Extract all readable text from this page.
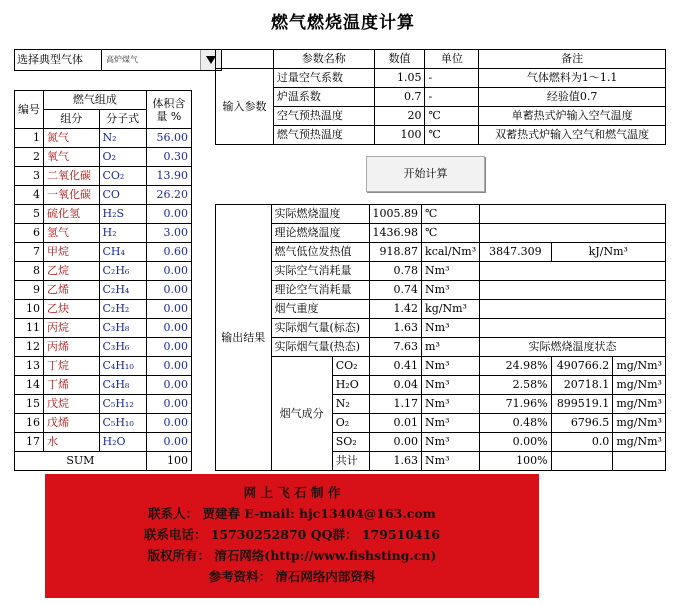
燃气燃烧温度计算
选择典型气体	高炉煤气
编号	燃气组成		体积含量 %
	组分	分子式	
1	氮气	N₂	56.00
2	氧气	O₂	0.30
3	二氧化碳	CO₂	13.90
4	一氧化碳	CO	26.20
5	硫化氢	H₂S	0.00
6	氢气	H₂	3.00
7	甲烷	CH₄	0.60
8	乙烷	C₂H₆	0.00
9	乙烯	C₂H₄	0.00
10	乙炔	C₂H₂	0.00
11	丙烷	C₃H₈	0.00
12	丙烯	C₃H₆	0.00
13	丁烷	C₄H₁₀	0.00
14	丁烯	C₄H₈	0.00
15	戊烷	C₅H₁₂	0.00
16	戊烯	C₅H₁₀	0.00
17	水	H₂O	0.00
SUM			100
	参数名称	数值	单位	备注
输入参数	过量空气系数	1.05	-	气体燃料为1～1.1
	炉温系数	0.7	-	经验值0.7
	空气预热温度	20	℃	单蓄热式炉输入空气温度
	燃气预热温度	100	℃	双蓄热式炉输入空气和燃气温度
开始计算
输出结果	实际燃烧温度		1005.89	℃			
	理论燃烧温度		1436.98	℃			
	燃气低位发热值		918.87	kcal/Nm³	3847.309	kJ/Nm³	
	实际空气消耗量		0.78	Nm³			
	理论空气消耗量		0.74	Nm³			
	烟气重度		1.42	kg/Nm³			
	实际烟气量(标态)		1.63	Nm³			
	实际烟气量(热态)		7.63	m³	实际燃烧温度状态		
	烟气成分	CO₂	0.41	Nm³	24.98%	490766.2	mg/Nm³
		H₂O	0.04	Nm³	2.58%	20718.1	mg/Nm³
		N₂	1.17	Nm³	71.96%	899519.1	mg/Nm³
		O₂	0.01	Nm³	0.48%	6796.5	mg/Nm³
		SO₂	0.00	Nm³	0.00%	0.0	mg/Nm³
		共计	1.63	Nm³	100%		
网 上 飞 石 制 作
联系人： 贾建春 E-mail: hjc13404@163.com
联系电话： 15730252870 QQ群： 179510416
版权所有： 淯石网络(http://www.fishsting.cn)
参考资料： 淯石网络内部资料
